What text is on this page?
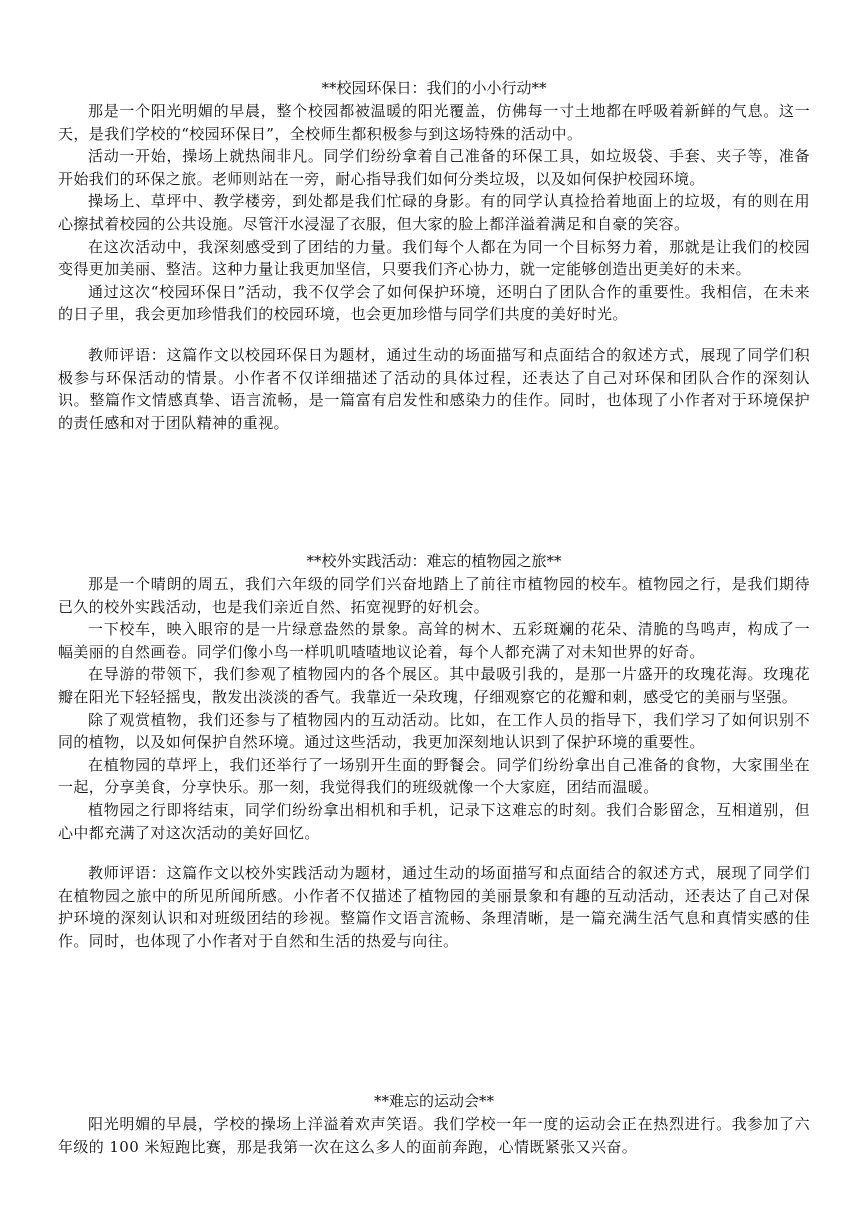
**校园环保日：我们的小小行动**

那是一个阳光明媚的早晨，整个校园都被温暖的阳光覆盖，仿佛每一寸土地都在呼吸着新鲜的气息。这一天，是我们学校的“校园环保日”，全校师生都积极参与到这场特殊的活动中。

活动一开始，操场上就热闹非凡。同学们纷纷拿着自己准备的环保工具，如垃圾袋、手套、夹子等，准备开始我们的环保之旅。老师则站在一旁，耐心指导我们如何分类垃圾，以及如何保护校园环境。

操场上、草坪中、教学楼旁，到处都是我们忙碌的身影。有的同学认真捡拾着地面上的垃圾，有的则在用心擦拭着校园的公共设施。尽管汗水浸湿了衣服，但大家的脸上都洋溢着满足和自豪的笑容。

在这次活动中，我深刻感受到了团结的力量。我们每个人都在为同一个目标努力着，那就是让我们的校园变得更加美丽、整洁。这种力量让我更加坚信，只要我们齐心协力，就一定能够创造出更美好的未来。

通过这次“校园环保日”活动，我不仅学会了如何保护环境，还明白了团队合作的重要性。我相信，在未来的日子里，我会更加珍惜我们的校园环境，也会更加珍惜与同学们共度的美好时光。

教师评语：这篇作文以校园环保日为题材，通过生动的场面描写和点面结合的叙述方式，展现了同学们积极参与环保活动的情景。小作者不仅详细描述了活动的具体过程，还表达了自己对环保和团队合作的深刻认识。整篇作文情感真挚、语言流畅，是一篇富有启发性和感染力的佳作。同时，也体现了小作者对于环境保护的责任感和对于团队精神的重视。

**校外实践活动：难忘的植物园之旅**

那是一个晴朗的周五，我们六年级的同学们兴奋地踏上了前往市植物园的校车。植物园之行，是我们期待已久的校外实践活动，也是我们亲近自然、拓宽视野的好机会。

一下校车，映入眼帘的是一片绿意盎然的景象。高耸的树木、五彩斑斓的花朵、清脆的鸟鸣声，构成了一幅美丽的自然画卷。同学们像小鸟一样叽叽喳喳地议论着，每个人都充满了对未知世界的好奇。

在导游的带领下，我们参观了植物园内的各个展区。其中最吸引我的，是那一片盛开的玫瑰花海。玫瑰花瓣在阳光下轻轻摇曳，散发出淡淡的香气。我靠近一朵玫瑰，仔细观察它的花瓣和刺，感受它的美丽与坚强。

除了观赏植物，我们还参与了植物园内的互动活动。比如，在工作人员的指导下，我们学习了如何识别不同的植物，以及如何保护自然环境。通过这些活动，我更加深刻地认识到了保护环境的重要性。

在植物园的草坪上，我们还举行了一场别开生面的野餐会。同学们纷纷拿出自己准备的食物，大家围坐在一起，分享美食，分享快乐。那一刻，我觉得我们的班级就像一个大家庭，团结而温暖。

植物园之行即将结束，同学们纷纷拿出相机和手机，记录下这难忘的时刻。我们合影留念，互相道别，但心中都充满了对这次活动的美好回忆。

教师评语：这篇作文以校外实践活动为题材，通过生动的场面描写和点面结合的叙述方式，展现了同学们在植物园之旅中的所见所闻所感。小作者不仅描述了植物园的美丽景象和有趣的互动活动，还表达了自己对保护环境的深刻认识和对班级团结的珍视。整篇作文语言流畅、条理清晰，是一篇充满生活气息和真情实感的佳作。同时，也体现了小作者对于自然和生活的热爱与向往。

**难忘的运动会**

阳光明媚的早晨，学校的操场上洋溢着欢声笑语。我们学校一年一度的运动会正在热烈进行。我参加了六年级的 100 米短跑比赛，那是我第一次在这么多人的面前奔跑，心情既紧张又兴奋。
